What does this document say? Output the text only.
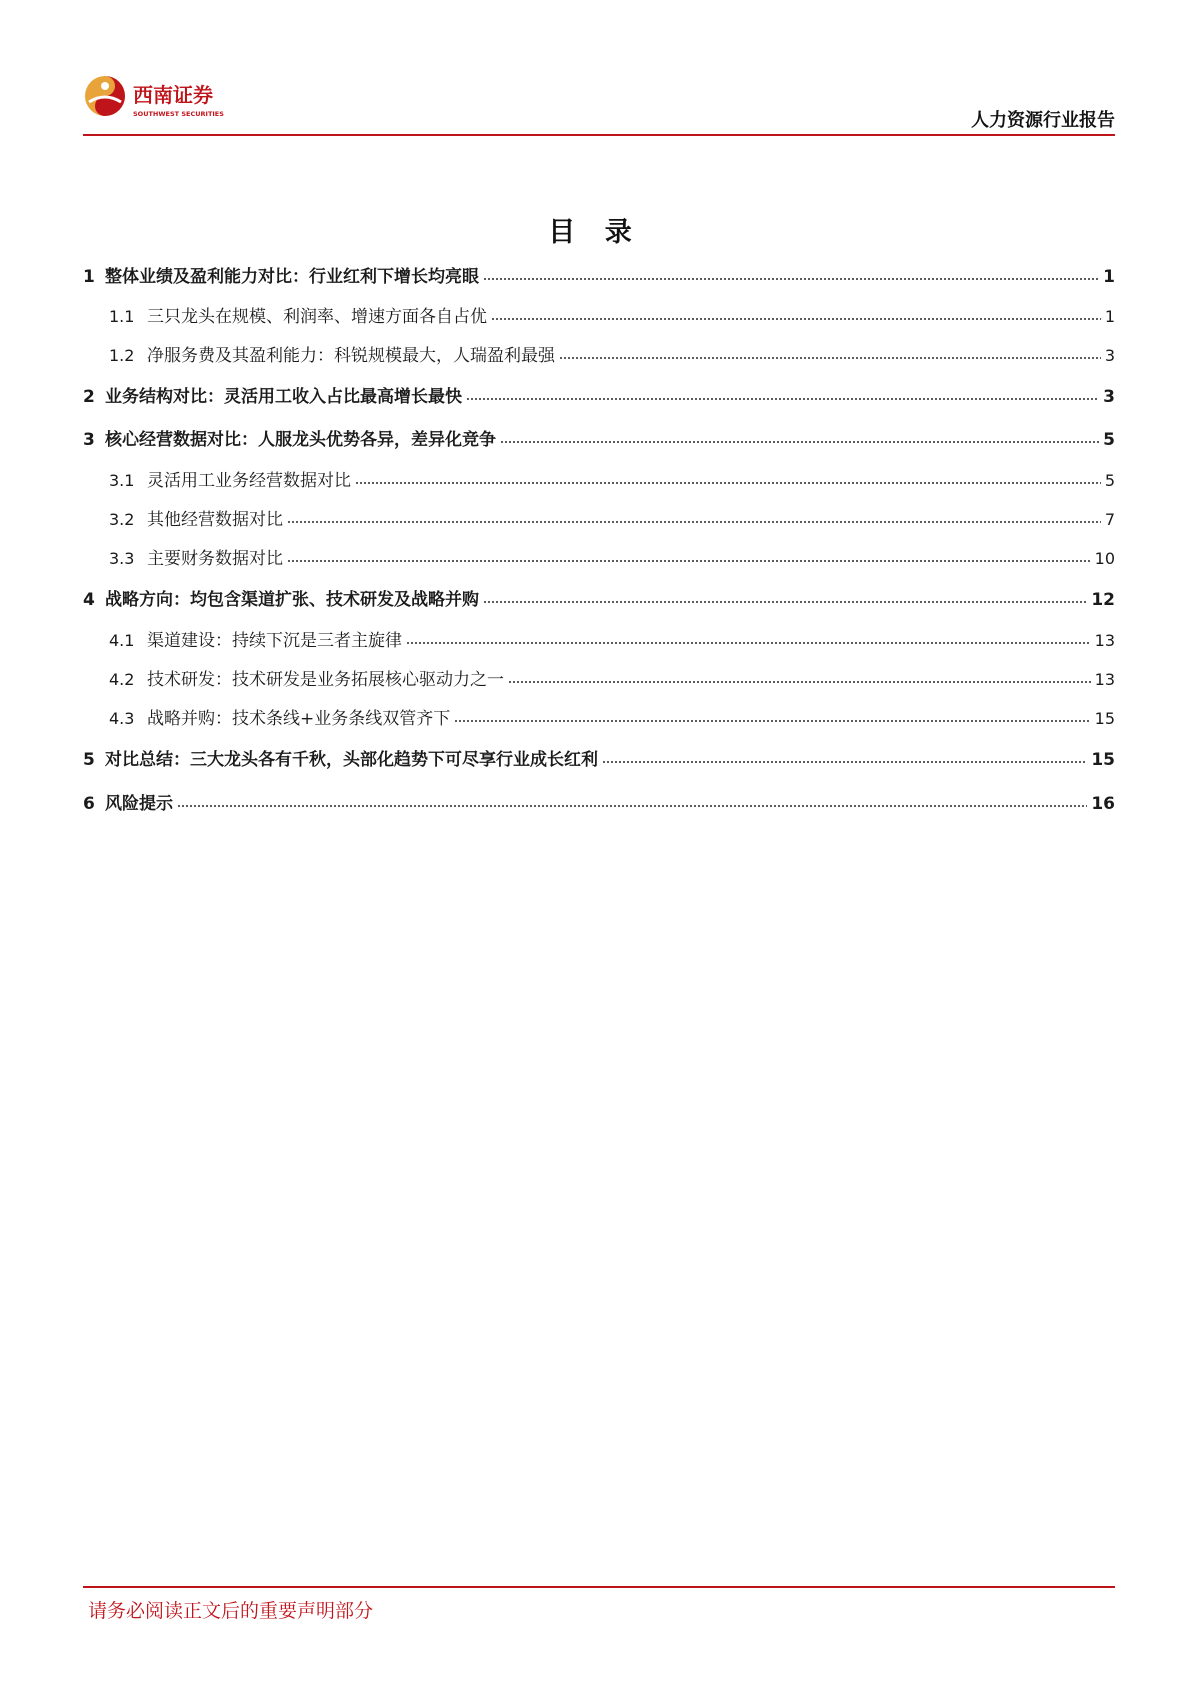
西南证券
SOUTHWEST SECURITIES	人力资源行业报告
目 录
1 整体业绩及盈利能力对比：行业红利下增长均亮眼	1
1.1 三只龙头在规模、利润率、增速方面各自占优	1
1.2 净服务费及其盈利能力：科锐规模最大，人瑞盈利最强	3
2 业务结构对比：灵活用工收入占比最高增长最快	3
3 核心经营数据对比：人服龙头优势各异，差异化竞争	5
3.1 灵活用工业务经营数据对比	5
3.2 其他经营数据对比	7
3.3 主要财务数据对比	10
4 战略方向：均包含渠道扩张、技术研发及战略并购	12
4.1 渠道建设：持续下沉是三者主旋律	13
4.2 技术研发：技术研发是业务拓展核心驱动力之一	13
4.3 战略并购：技术条线+业务条线双管齐下	15
5 对比总结：三大龙头各有千秋，头部化趋势下可尽享行业成长红利	15
6 风险提示	16
请务必阅读正文后的重要声明部分
